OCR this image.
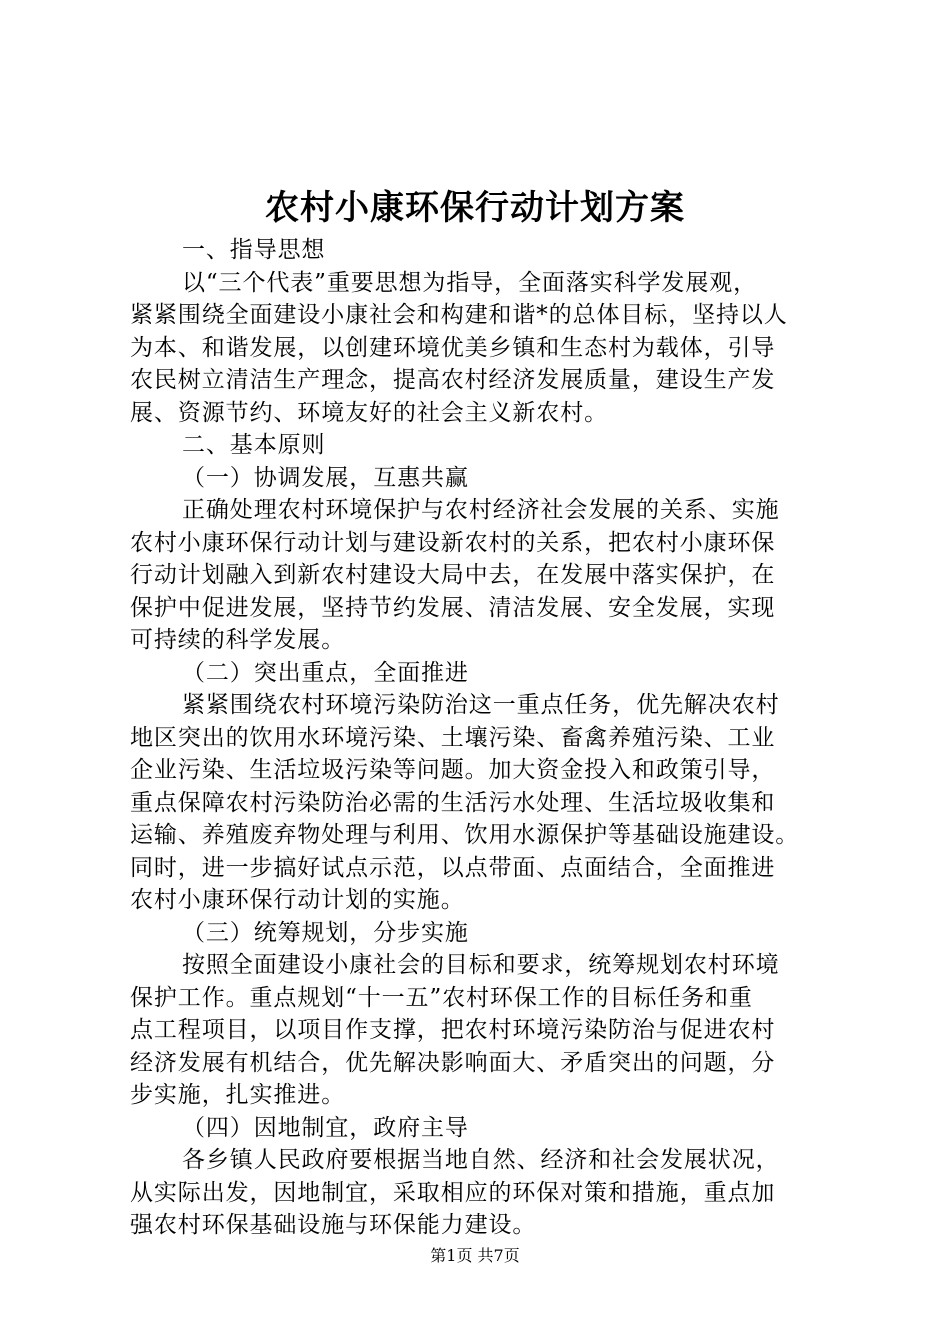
农村小康环保行动计划方案
一、指导思想
以“三个代表”重要思想为指导，全面落实科学发展观，
紧紧围绕全面建设小康社会和构建和谐*的总体目标，坚持以人
为本、和谐发展，以创建环境优美乡镇和生态村为载体，引导
农民树立清洁生产理念，提高农村经济发展质量，建设生产发
展、资源节约、环境友好的社会主义新农村。
二、基本原则
（一）协调发展，互惠共赢
正确处理农村环境保护与农村经济社会发展的关系、实施
农村小康环保行动计划与建设新农村的关系，把农村小康环保
行动计划融入到新农村建设大局中去，在发展中落实保护，在
保护中促进发展，坚持节约发展、清洁发展、安全发展，实现
可持续的科学发展。
（二）突出重点，全面推进
紧紧围绕农村环境污染防治这一重点任务，优先解决农村
地区突出的饮用水环境污染、土壤污染、畜禽养殖污染、工业
企业污染、生活垃圾污染等问题。加大资金投入和政策引导，
重点保障农村污染防治必需的生活污水处理、生活垃圾收集和
运输、养殖废弃物处理与利用、饮用水源保护等基础设施建设。
同时，进一步搞好试点示范，以点带面、点面结合，全面推进
农村小康环保行动计划的实施。
（三）统筹规划，分步实施
按照全面建设小康社会的目标和要求，统筹规划农村环境
保护工作。重点规划“十一五”农村环保工作的目标任务和重
点工程项目，以项目作支撑，把农村环境污染防治与促进农村
经济发展有机结合，优先解决影响面大、矛盾突出的问题，分
步实施，扎实推进。
（四）因地制宜，政府主导
各乡镇人民政府要根据当地自然、经济和社会发展状况，
从实际出发，因地制宜，采取相应的环保对策和措施，重点加
强农村环保基础设施与环保能力建设。
第1页 共7页
